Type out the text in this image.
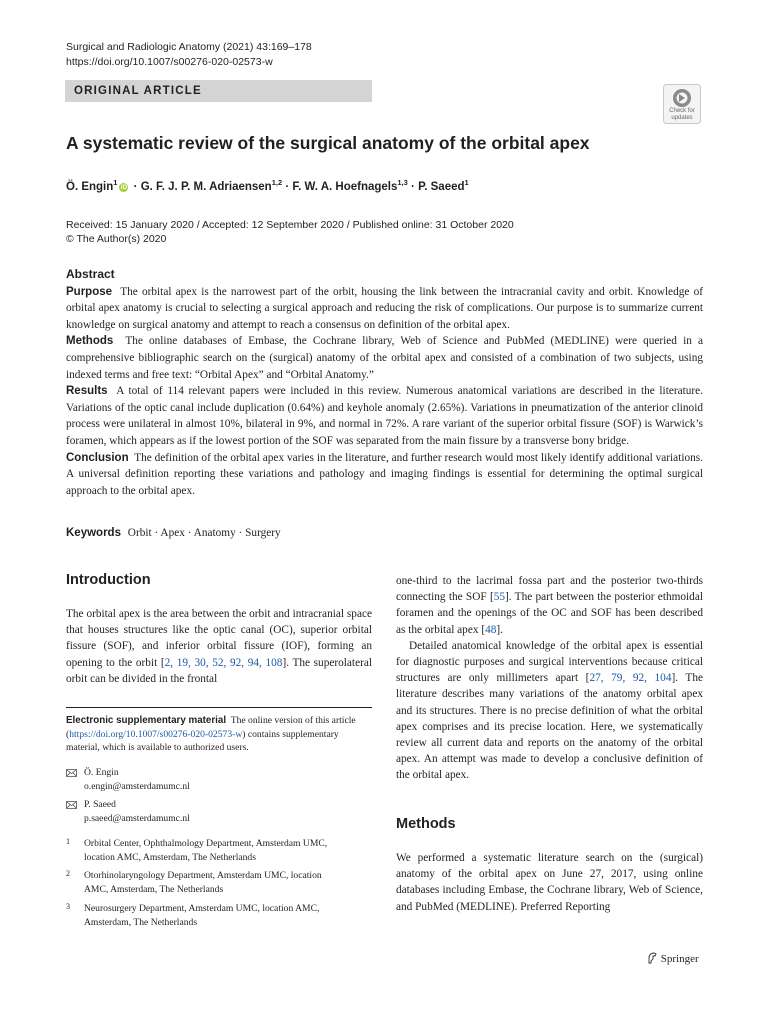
Surgical and Radiologic Anatomy (2021) 43:169–178
https://doi.org/10.1007/s00276-020-02573-w
ORIGINAL ARTICLE
Check for
updates
A systematic review of the surgical anatomy of the orbital apex
Ö. Engin$^1$iD · G. F. J. P. M. Adriaensen$^{1,2}$ · F. W. A. Hoefnagels$^{1,3}$ · P. Saeed$^1$
Received: 15 January 2020 / Accepted: 12 September 2020 / Published online: 31 October 2020
© The Author(s) 2020
Abstract

Purpose The orbital apex is the narrowest part of the orbit, housing the link between the intracranial cavity and orbit. Knowledge of orbital apex anatomy is crucial to selecting a surgical approach and reducing the risk of complications. Our purpose is to summarize current knowledge on surgical anatomy and attempt to reach a consensus on definition of the orbital apex.

Methods The online databases of Embase, the Cochrane library, Web of Science and PubMed (MEDLINE) were queried in a comprehensive bibliographic search on the (surgical) anatomy of the orbital apex and consisted of a combination of two subjects, using indexed terms and free text: “Orbital Apex” and “Orbital Anatomy.”

Results A total of 114 relevant papers were included in this review. Numerous anatomical variations are described in the literature. Variations of the optic canal include duplication (0.64%) and keyhole anomaly (2.65%). Variations in pneumatization of the anterior clinoid process were unilateral in almost 10%, bilateral in 9%, and normal in 72%. A rare variant of the superior orbital fissure (SOF) is Warwick’s foramen, which appears as if the lowest portion of the SOF was separated from the main fissure by a transverse bony bridge.

Conclusion The definition of the orbital apex varies in the literature, and further research would most likely identify additional variations. A universal definition reporting these variations and pathology and imaging findings is essential for determining the optimal surgical approach to the orbital apex.

Keywords Orbit · Apex · Anatomy · Surgery
Introduction

The orbital apex is the area between the orbit and intracranial space that houses structures like the optic canal (OC), superior orbital fissure (SOF), and inferior orbital fissure (IOF), forming an opening to the orbit [2, 19, 30, 52, 92, 94, 108]. The superolateral orbit can be divided in the frontal

Electronic supplementary material The online version of this article (https://doi.org/10.1007/s00276-020-02573-w) contains supplementary material, which is available to authorized users.
Ö. Engin
o.engin@amsterdamumc.nl
P. Saeed
p.saeed@amsterdamumc.nl
1 Orbital Center, Ophthalmology Department, Amsterdam UMC, location AMC, Amsterdam, The Netherlands
2 Otorhinolaryngology Department, Amsterdam UMC, location AMC, Amsterdam, The Netherlands
3 Neurosurgery Department, Amsterdam UMC, location AMC, Amsterdam, The Netherlands

one-third to the lacrimal fossa part and the posterior two-thirds connecting the SOF [55]. The part between the posterior ethmoidal foramen and the openings of the OC and SOF has been described as the orbital apex [48].

Detailed anatomical knowledge of the orbital apex is essential for diagnostic purposes and surgical interventions because critical structures are only millimeters apart [27, 79, 92, 104]. The literature describes many variations of the anatomy orbital apex and its structures. There is no precise definition of what the orbital apex comprises and its precise location. Here, we systematically review all current data and reports on the anatomy of the orbital apex. An attempt was made to develop a conclusive definition of the orbital apex.

Methods
We performed a systematic literature search on the (surgical) anatomy of the orbital apex on June 27, 2017, using online databases including Embase, the Cochrane library, Web of Science, and PubMed (MEDLINE). Preferred Reporting
Springer
